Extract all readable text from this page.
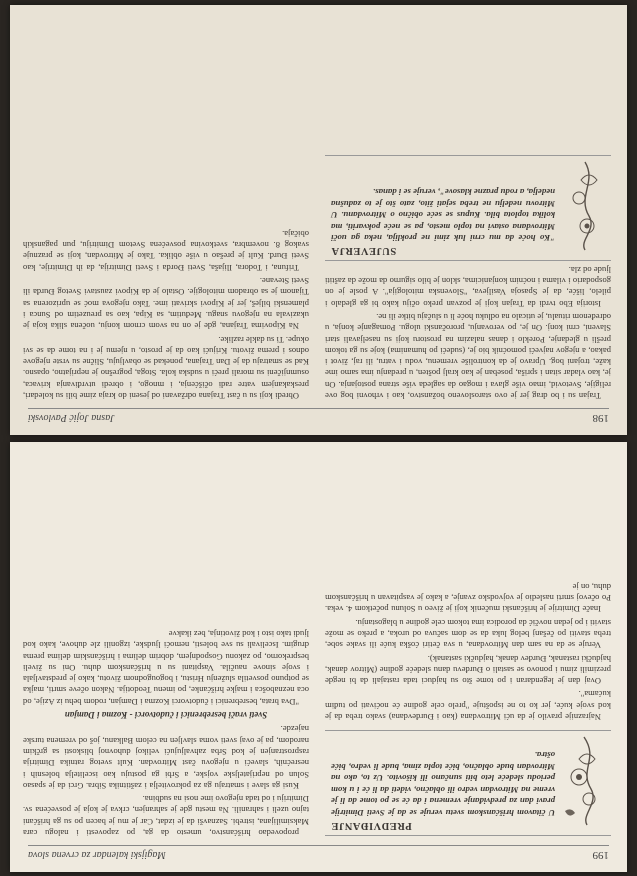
199
Magijski kalendar za crvena slova
PREDVIĐANJE
U čitavom hrišćanskom svetu veruje se da je Sveti Dimitrije pravi dan za predviđanje vremena i da će se po tome da li je vreme na Mitrovdan vedro ili oblačno, videti da li će i u kom periodu sledeće leto biti sunčano ili kišovito. Uz to, ako na Mitrovdan bude oblačno, biće topla zima, bude li vedro, biće oštra.

Najraznije pravilo je da ući Mitrovdana (kao i Đurđevdana) svako treba da je kod svoje kuće, jer ko to ne ispoštuje "prelo cele godine će noćivati po tuđim kućama".

Ovaj dan je legendaran i po tome što su hajduci tada rastajali da bi negde prezimili zimu i ponovo se sastali o Đurđevu danu sledeće godine (Mitrov danak, hajdučki rastanak, Đurđev danak, hajdučki sastanak).

Veruje se da na sam dan Mitrovdana, u sva četiri ćoška kuće ili svake sobe, treba staviti po češanj belog luka da se dom sačuva od uroka, a preko se može staviti i po jedan novčić da porodica ima tokom cele godine u blagostanju.

Inače Dimitrije je hrišćanski mučenik koji je živeo u Solunu početkom 4. veka. Po očevoj smrti nasledio je vojvodsko zvanje, a kako je vaspitavan u hrišćanskom duhu, on je

propovedao hrišćanstvo, umesto da ga, po zapovesti i nalogu cara Maksimilijana, istrebi. Saznavši da je izdat, Car je mu je bacen po su ga hrišćani tajno uzeli i sahranili. Na mestu gde je sahranjen, crkva je koja je posvećena sv. Dimitriju i od tada njegovo ime nosi na sudbina.

Kusi ga slave i smatraju ga za pokrovitelja i zaštitnika Sibra. Grci da je spasao Solun od neprijateljske vojske, a Srbi ga postuju kao iscelitelja bolesnih i nesrećnih, slaveći u njegovu čast Mitrovdan. Kult svetog ratnika Dimitrija rasprostranjen je kod Srba zahvaljujući velikoj duhovnoj bliskosti sa grčkim narodom, pa je ovaj sveti voma slavljen na celom Balkanu, još od vremena turske najezde.

Sveti vrači besrebrenici i čudotvorci - Kozma i Damjan

"Dva brata, besrebrenici i čudotvorci Kozma i Damjan, rodom behu iz Azije, od oca neznabošca i majke hrišćanke, po imenu Teodotija. Nakon očeve smrti, majka se potpuno posvetila služenju Hristu, i bogougodnom životu, kako je predstavljala i svoje sinove naučila. Vaspitani su u hrišćanskom duhu. Oni su živeli besprekorno, po zakonu Gospodnjem, dobrim delima i hrišćanskim delima prema drugim. Iscelivali su sve bolesti, nemoći ljudske, izgonili zle duhove, kako kod ljudi tako isto i kod životinja, bez ikakve

198
Jasna Jojić Pavlovski

Trajan su i bo drag jer je ovo starosloveno božanstvo, kao i vrhovni bog ove religije, Svetovid, imao više glava i mogao da sagleda više strana postojanja. On je, kao vladar sitan i spriša, poseban je kao kralj pošten, u predanju ima samo ime kaže, trojani bog. Upravo je da kontroliše vremenu, vodu i vatru, ili raj, život i pakao, a njegov najveći pomoćnik bio je, (sudeći po humanima) koje su ga tokom prešli u gledanje, Poreklo i danas nalazim na prostoru koji su naseljavali stari Slaveni, crni konj. On je, po verovanju, proročanski ulogu. Pomaganje konja, u određenom ritualu, je uticalo na odluku hoće li u slučaju bitke ili ne.

Istorija Ebo tvrdi da Trajan koji je pozvan preko očiju kako bi ga gledalo i pilelo, lišće, da je Spasoja Vasiljeva, "Slovenska mitologija". A posle je on gospodario i vilama i noćnim konjanicima, sklon je bilo sigurno da može da zaštiti ljude od zla.

SUJEVERJA
"Ko hoće da mu crni luk zimi ne proklija, neka ga uoči Mitrovdana ostavi na toplo mesto, pa se neće pokvariti, ma kolika toplota bila. Kupus se seće obično o Mitrovdanu. U Mitrovu nedelju ne treba sejati žito, zato što je to zadušna nedelja, a rodu prazne klasove", veruje se i danas.

Obredi koji su u čast Trajana održavani od jeseni do kraja zime bili su koledari, preskakanjem vatre radi očišćenja, i mnogo, i obredi utvrđivanja krivaca, osumnjičeni su morali preći u sudska kola. Stoga, pogrešno je neprijatno, opasno. Kad se smatraju da je Dan Trajana, ponekad se obavljuju, Slične su vrste njegove odnos i prema životu. Krijući kao da je prosto, u njemu je i na tome da se svi okupe. Ti su dakle razlike.

Na Kipovima Trajana, gde je on na svom crnom konju, uočena slika koja je ukazivala na njegovu snagu. Međutim, sa Kipa, kao sa preuzetim od Sunca i plamenski bilješ, jer je Kipovi skrivati ime. Tako njegova moć se uprizorena sa Tijanom je sa obradom mitologije. Ostalo je da Kipovi zaustavi Svetog Đurđa ili Sveti Stevane.

Trifuna, i Todora, Ilijaša, Sveti Đorđa i Sveti Dimitrija, da ih Dimitrije, kao Sveti Đurđ. Kult je prešao u više oblika. Tako je Mitrovdan, koji se praznuje svakog 8. novembra, svetkovina posvećena Svetom Dimitriju, pun paganskih običaja.
